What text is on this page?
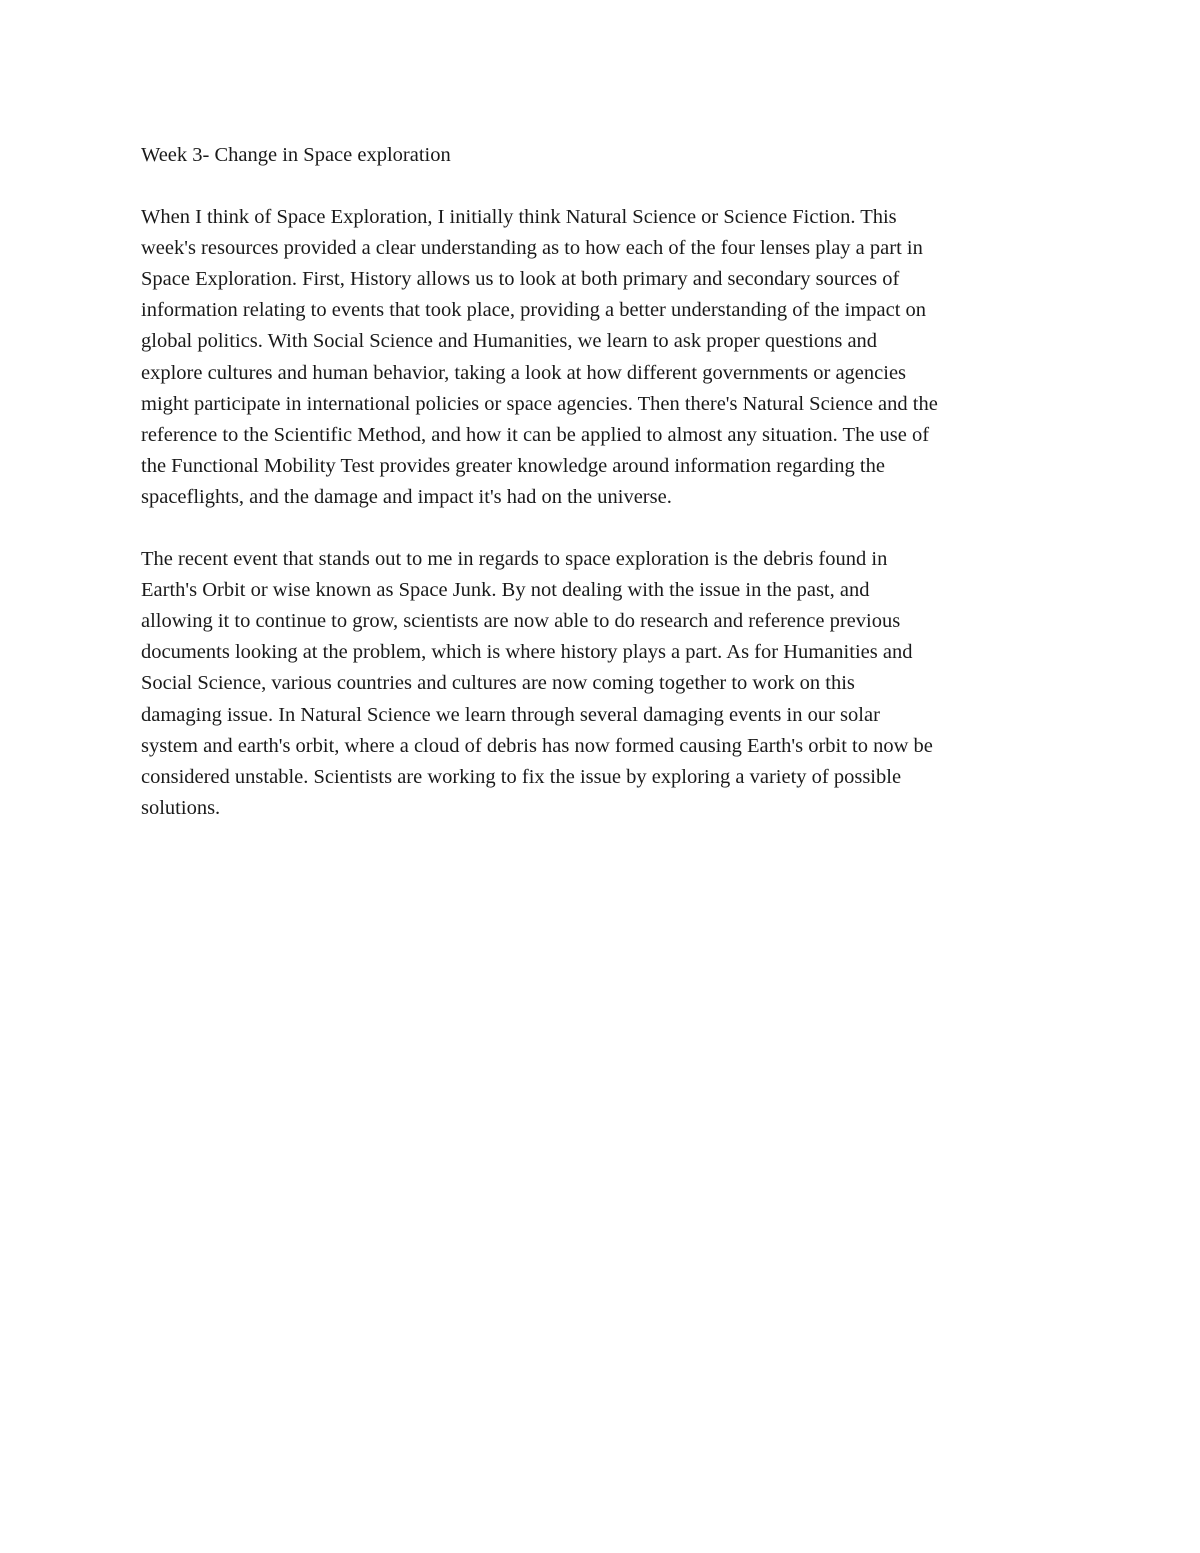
Week 3- Change in Space exploration
When I think of Space Exploration, I initially think Natural Science or Science Fiction. This
week's resources provided a clear understanding as to how each of the four lenses play a part in
Space Exploration. First, History allows us to look at both primary and secondary sources of
information relating to events that took place, providing a better understanding of the impact on
global politics. With Social Science and Humanities, we learn to ask proper questions and
explore cultures and human behavior, taking a look at how different governments or agencies
might participate in international policies or space agencies. Then there's Natural Science and the
reference to the Scientific Method, and how it can be applied to almost any situation. The use of
the Functional Mobility Test provides greater knowledge around information regarding the
spaceflights, and the damage and impact it's had on the universe.
The recent event that stands out to me in regards to space exploration is the debris found in
Earth's Orbit or wise known as Space Junk. By not dealing with the issue in the past, and
allowing it to continue to grow, scientists are now able to do research and reference previous
documents looking at the problem, which is where history plays a part. As for Humanities and
Social Science, various countries and cultures are now coming together to work on this
damaging issue. In Natural Science we learn through several damaging events in our solar
system and earth's orbit, where a cloud of debris has now formed causing Earth's orbit to now be
considered unstable. Scientists are working to fix the issue by exploring a variety of possible
solutions.
